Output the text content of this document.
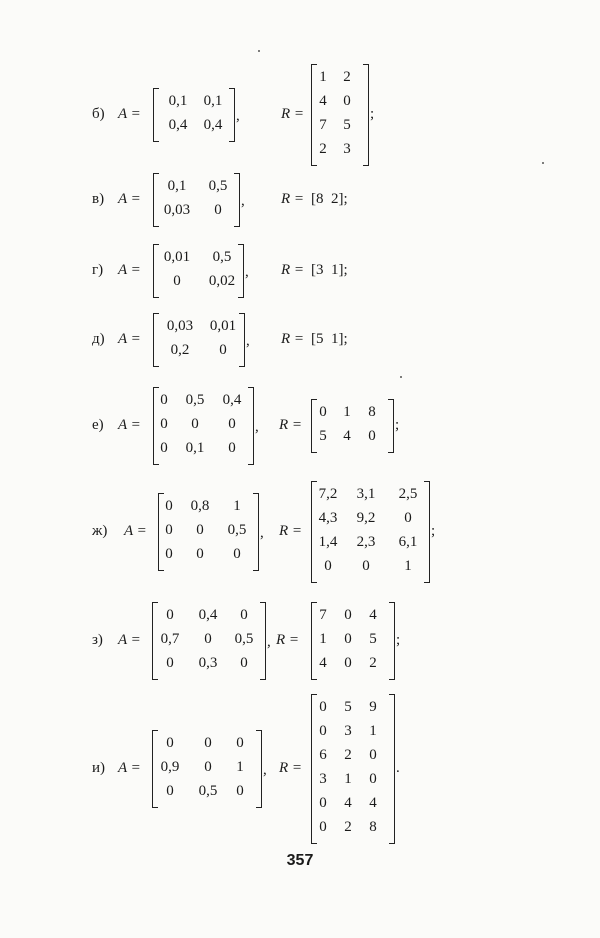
б) A =
0,1	0,1
0,4	0,4
,	R =
1	2
4	0
7	5
2	3
;
в) A =
0,1	0,5
0,03	0
, R = [8  2];
г) A =
0,01	0,5
0	0,02
, R = [3  1];
д) A =
0,03	0,01
0,2	0
, R = [5  1];
е) A =
0	0,5	0,4
0	0	0
0	0,1	0
, R =
0	1	8
5	4	0
;
ж) A =
0	0,8	1
0	0	0,5
0	0	0
, R =
7,2	3,1	2,5
4,3	9,2	0
1,4	2,3	6,1
0	0	1
;
з) A =
0	0,4	0
0,7	0	0,5
0	0,3	0
, R =
7	0	4
1	0	5
4	0	2
;
и) A =
0	0	0
0,9	0	1
0	0,5	0
, R =
0	5	9
0	3	1
6	2	0
3	1	0
0	4	4
0	2	8
.
357
